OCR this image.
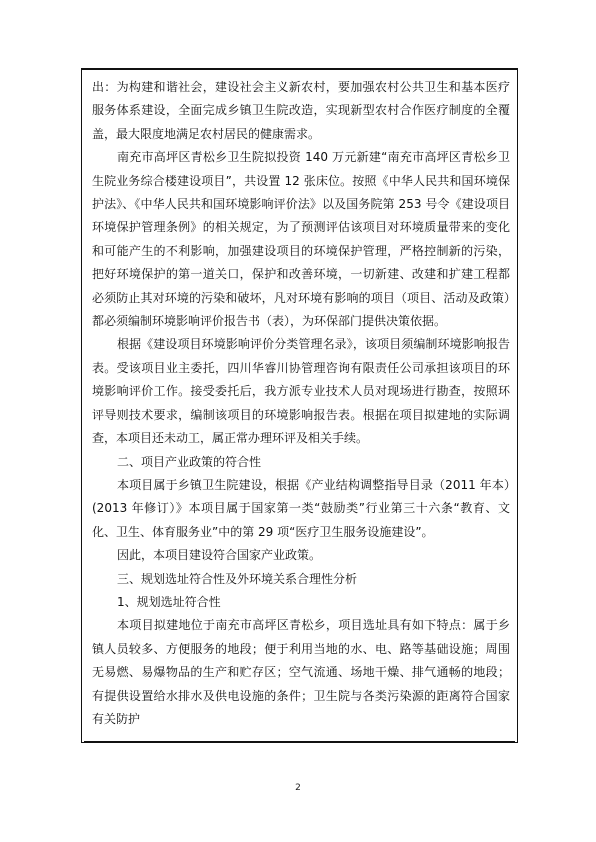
出：为构建和谐社会，建设社会主义新农村，要加强农村公共卫生和基本医疗服务体系建设，全面完成乡镇卫生院改造，实现新型农村合作医疗制度的全覆盖，最大限度地满足农村居民的健康需求。

南充市高坪区青松乡卫生院拟投资 140 万元新建“南充市高坪区青松乡卫生院业务综合楼建设项目”，共设置 12 张床位。按照《中华人民共和国环境保护法》、《中华人民共和国环境影响评价法》以及国务院第 253 号令《建设项目环境保护管理条例》的相关规定，为了预测评估该项目对环境质量带来的变化和可能产生的不利影响，加强建设项目的环境保护管理，严格控制新的污染，把好环境保护的第一道关口，保护和改善环境，一切新建、改建和扩建工程都必须防止其对环境的污染和破坏，凡对环境有影响的项目（项目、活动及政策）都必须编制环境影响评价报告书（表），为环保部门提供决策依据。

根据《建设项目环境影响评价分类管理名录》，该项目须编制环境影响报告表。受该项目业主委托，四川华睿川协管理咨询有限责任公司承担该项目的环境影响评价工作。接受委托后，我方派专业技术人员对现场进行勘查，按照环评导则技术要求，编制该项目的环境影响报告表。根据在项目拟建地的实际调查，本项目还未动工，属正常办理环评及相关手续。

二、项目产业政策的符合性

本项目属于乡镇卫生院建设，根据《产业结构调整指导目录（2011 年本）(2013 年修订）》本项目属于国家第一类“鼓励类”行业第三十六条“教育、文化、卫生、体育服务业”中的第 29 项“医疗卫生服务设施建设”。

因此，本项目建设符合国家产业政策。

三、规划选址符合性及外环境关系合理性分析

1、规划选址符合性

本项目拟建地位于南充市高坪区青松乡，项目选址具有如下特点：属于乡镇人员较多、方便服务的地段；便于利用当地的水、电、路等基础设施；周围无易燃、易爆物品的生产和贮存区；空气流通、场地干燥、排气通畅的地段；有提供设置给水排水及供电设施的条件；卫生院与各类污染源的距离符合国家有关防护

2
